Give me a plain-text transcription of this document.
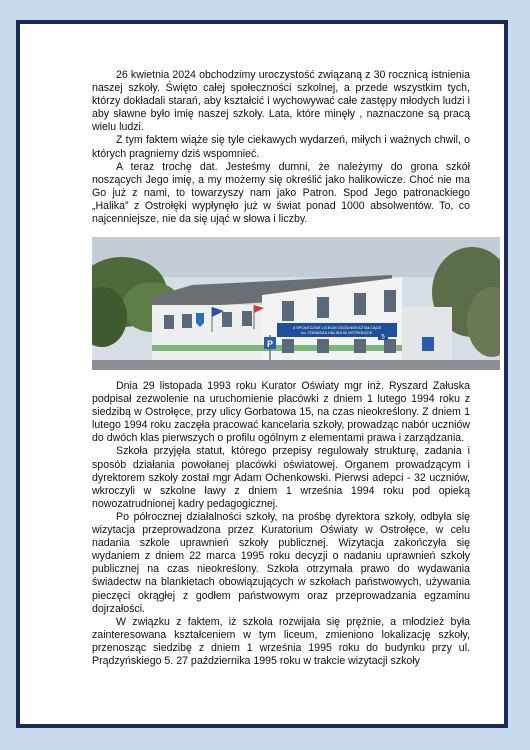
26 kwietnia 2024 obchodzimy uroczystość związaną z 30 rocznicą istnienia naszej szkoły. Święto całej społeczności szkolnej, a przede wszystkim tych, którzy dokładali starań, aby kształcić i wychowywać całe zastępy młodych ludzi i aby sławne było imię naszej szkoły. Lata, które minęły , naznaczone są pracą wielu ludzi.

Z tym faktem wiąże się tyle ciekawych wydarzeń, miłych i ważnych chwil, o których pragniemy dziś wspomnieć.

A teraz trochę dat. Jesteśmy dumni, że należymy do grona szkół noszących Jego imię, a my możemy się określić jako halikowicze. Choć nie ma Go już z nami, to towarzyszy nam jako Patron. Spod Jego patronackiego „Halika” z Ostrołęki wypłynęło już w świat ponad 1000 absolwentów. To, co najcenniejsze, nie da się ująć w słowa i liczby.

II SPOŁECZNE LICEUM OGÓLNOKSZTAŁCĄCE
im. TOMASZA HALIKA W OSTROŁĘCE
5
P

Dnia 29 listopada 1993 roku Kurator Oświaty mgr inż. Ryszard Załuska podpisał zezwolenie na uruchomienie placówki z dniem 1 lutego 1994 roku z siedzibą w Ostrołęce, przy ulicy Gorbatowa 15, na czas nieokreślony. Z dniem 1 lutego 1994 roku zaczęła pracować kancelaria szkoły, prowadząc nabór uczniów do dwóch klas pierwszych o profilu ogólnym z elementami prawa i zarządzania.

Szkoła przyjęła statut, którego przepisy regulowały strukturę, zadania i sposób działania powołanej placówki oświatowej. Organem prowadzącym i dyrektorem szkoły został mgr Adam Ochenkowski. Pierwsi adepci - 32 uczniów, wkroczyli w szkolne ławy z dniem 1 września 1994 roku pod opieką nowozatrudnionej kadry pedagogicznej.

Po półrocznej działalności szkoły, na prośbę dyrektora szkoły, odbyła się wizytacja przeprowadzona przez Kuratorium Oświaty w Ostrołęce, w celu nadania szkole uprawnień szkoły publicznej. Wizytacja zakończyła się wydaniem z dniem 22 marca 1995 roku decyzji o nadaniu uprawnień szkoły publicznej na czas nieokreślony. Szkoła otrzymała prawo do wydawania świadectw na blankietach obowiązujących w szkołach państwowych, używania pieczęci okrągłej z godłem państwowym oraz przeprowadzania egzaminu dojrzałości.

W związku z faktem, iż szkoła rozwijała się prężnie, a młodzież była zainteresowana kształceniem w tym liceum, zmieniono lokalizację szkoły, przenosząc siedzibę z dniem 1 września 1995 roku do budynku przy ul. Prądzyńskiego 5. 27 października 1995 roku w trakcie wizytacji szkoły
